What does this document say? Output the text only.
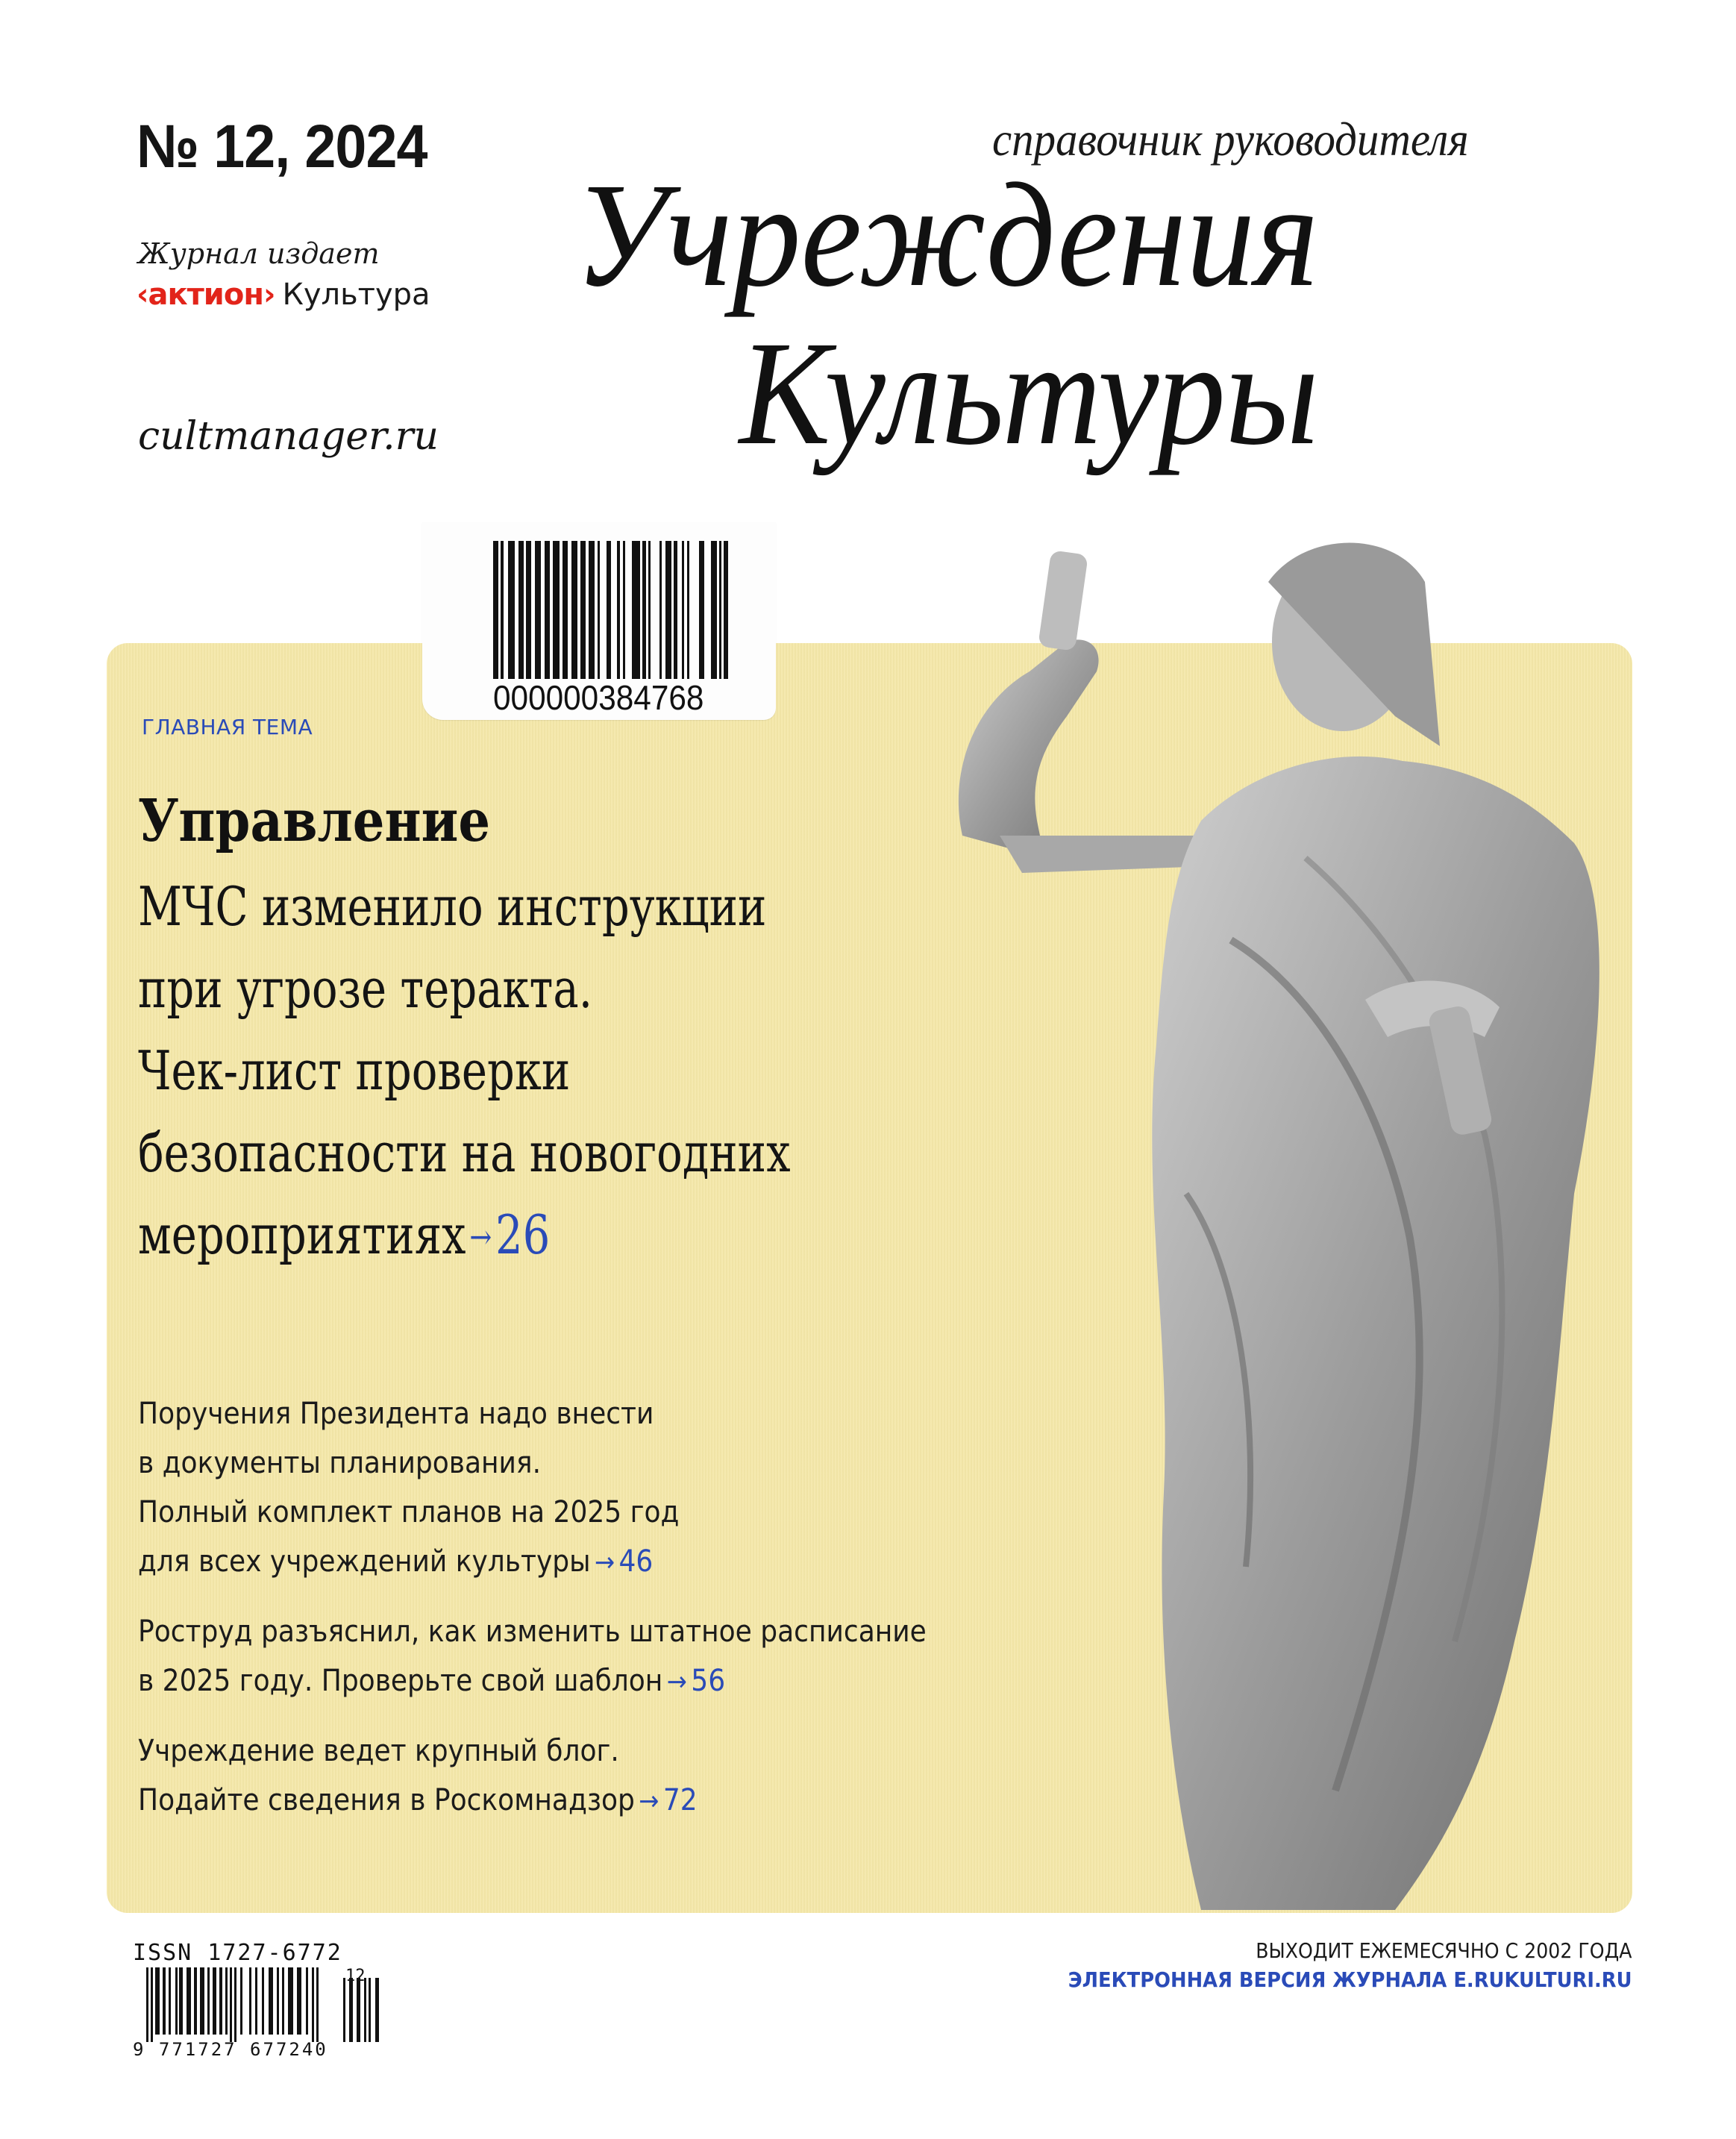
№ 12, 2024
Журнал издает
‹актион› Культура
cultmanager.ru
справочник руководителя
Учреждения
Культуры
000000384768
ГЛАВНАЯ ТЕМА
Управление
МЧС изменило инструкции
при угрозе теракта.
Чек-лист проверки
безопасности на новогодних
мероприятиях →26
Поручения Президента надо внести
в документы планирования.
Полный комплект планов на 2025 год
для всех учреждений культуры → 46
Роструд разъяснил, как изменить штатное расписание
в 2025 году. Проверьте свой шаблон → 56
Учреждение ведет крупный блог.
Подайте сведения в Роскомнадзор → 72
ISSN 1727-6772
12
9 771727 677240
ВЫХОДИТ ЕЖЕМЕСЯЧНО С 2002 ГОДА
ЭЛЕКТРОННАЯ ВЕРСИЯ ЖУРНАЛА E.RUKULTURI.RU
